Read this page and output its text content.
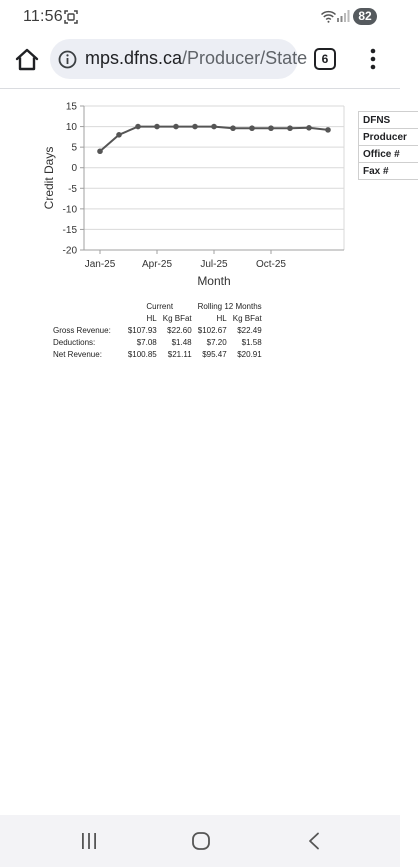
11:56	82
mps.dfns.ca/Producer/State	6
15
10
5
0
-5
-10
-15
-20
Jan-25	Apr-25	Jul-25	Oct-25
Month
Credit Days
DFNS
Producer
Office #
Fax #
	Current		Rolling 12 Months	
	HL	Kg BFat	HL	Kg BFat
Gross Revenue:	$107.93	$22.60	$102.67	$22.49
Deductions:	$7.08	$1.48	$7.20	$1.58
Net Revenue:	$100.85	$21.11	$95.47	$20.91
